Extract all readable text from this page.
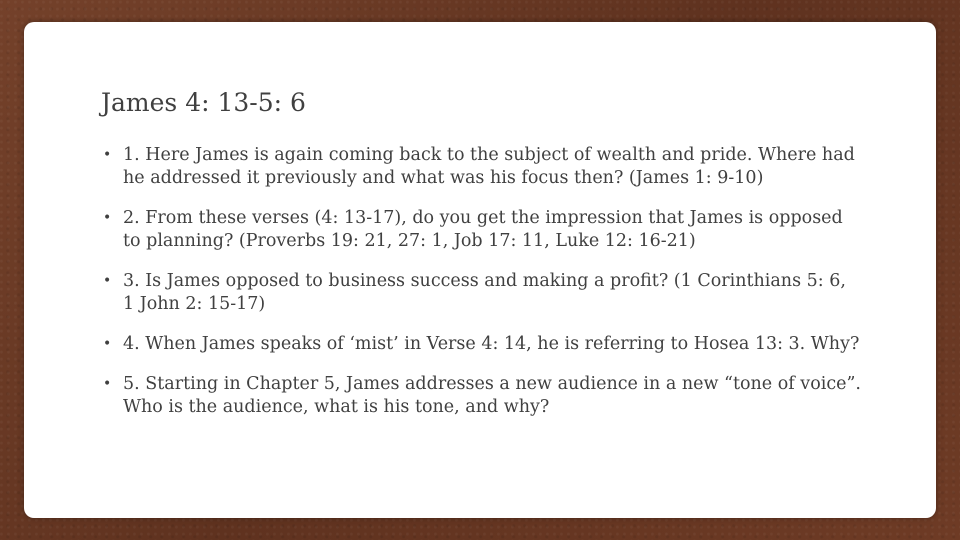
James 4: 13-5: 6
• 1. Here James is again coming back to the subject of wealth and pride. Where had he addressed it previously and what was his focus then? (James 1: 9-10)
• 2. From these verses (4: 13-17), do you get the impression that James is opposed to planning? (Proverbs 19: 21, 27: 1, Job 17: 11, Luke 12: 16-21)
• 3. Is James opposed to business success and making a profit? (1 Corinthians 5: 6, 1 John 2: 15-17)
• 4. When James speaks of ‘mist’ in Verse 4: 14, he is referring to Hosea 13: 3. Why?
• 5. Starting in Chapter 5, James addresses a new audience in a new “tone of voice”. Who is the audience, what is his tone, and why?
